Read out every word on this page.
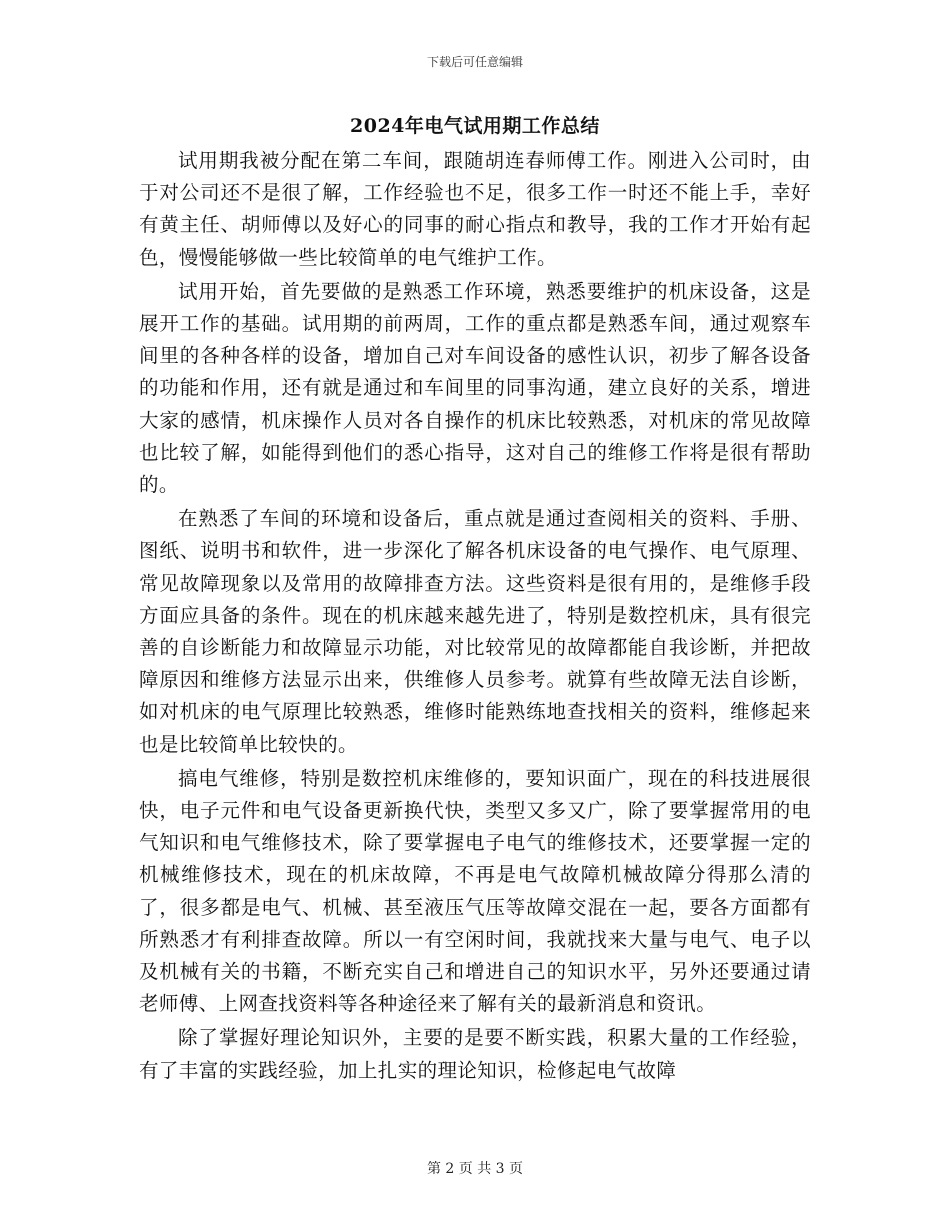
下载后可任意编辑
2024年电气试用期工作总结

试用期我被分配在第二车间，跟随胡连春师傅工作。刚进入公司时，由于对公司还不是很了解，工作经验也不足，很多工作一时还不能上手，幸好有黄主任、胡师傅以及好心的同事的耐心指点和教导，我的工作才开始有起色，慢慢能够做一些比较简单的电气维护工作。

试用开始，首先要做的是熟悉工作环境，熟悉要维护的机床设备，这是展开工作的基础。试用期的前两周，工作的重点都是熟悉车间，通过观察车间里的各种各样的设备，增加自己对车间设备的感性认识，初步了解各设备的功能和作用，还有就是通过和车间里的同事沟通，建立良好的关系，增进大家的感情，机床操作人员对各自操作的机床比较熟悉，对机床的常见故障也比较了解，如能得到他们的悉心指导，这对自己的维修工作将是很有帮助的。

在熟悉了车间的环境和设备后，重点就是通过查阅相关的资料、手册、图纸、说明书和软件，进一步深化了解各机床设备的电气操作、电气原理、常见故障现象以及常用的故障排查方法。这些资料是很有用的，是维修手段方面应具备的条件。现在的机床越来越先进了，特别是数控机床，具有很完善的自诊断能力和故障显示功能，对比较常见的故障都能自我诊断，并把故障原因和维修方法显示出来，供维修人员参考。就算有些故障无法自诊断，如对机床的电气原理比较熟悉，维修时能熟练地查找相关的资料，维修起来也是比较简单比较快的。

搞电气维修，特别是数控机床维修的，要知识面广，现在的科技进展很快，电子元件和电气设备更新换代快，类型又多又广，除了要掌握常用的电气知识和电气维修技术，除了要掌握电子电气的维修技术，还要掌握一定的机械维修技术，现在的机床故障，不再是电气故障机械故障分得那么清的了，很多都是电气、机械、甚至液压气压等故障交混在一起，要各方面都有所熟悉才有利排查故障。所以一有空闲时间，我就找来大量与电气、电子以及机械有关的书籍，不断充实自己和增进自己的知识水平，另外还要通过请老师傅、上网查找资料等各种途径来了解有关的最新消息和资讯。

除了掌握好理论知识外，主要的是要不断实践，积累大量的工作经验，有了丰富的实践经验，加上扎实的理论知识，检修起电气故障

第 2 页 共 3 页
